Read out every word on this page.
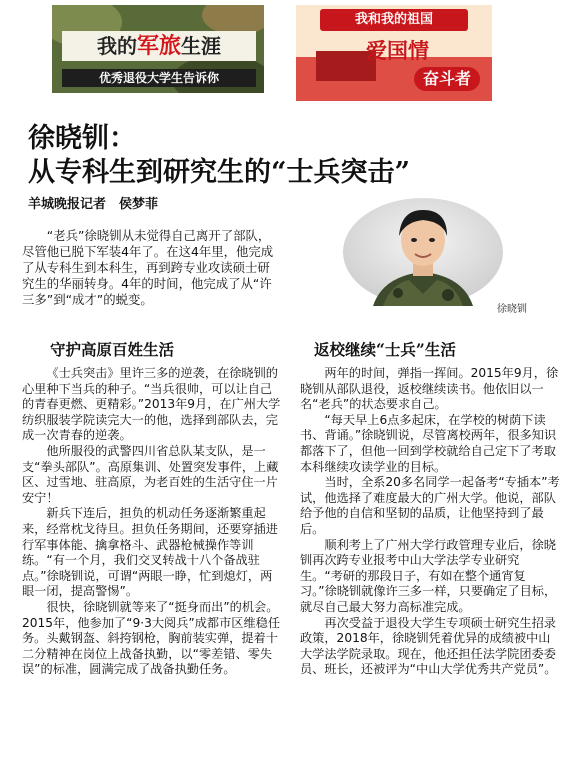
我的军旅生涯
优秀退役大学生告诉你
我和我的祖国
爱国情
奋斗者
徐晓钏：
从专科生到研究生的“士兵突击”
羊城晚报记者　侯梦菲

“老兵”徐晓钏从未觉得自己离开了部队，尽管他已脱下军装4年了。在这4年里，他完成了从专科生到本科生，再到跨专业攻读硕士研究生的华丽转身。4年的时间，他完成了从“许三多”到“成才”的蜕变。

徐晓钏
守护高原百姓生活	返校继续“士兵”生活

《士兵突击》里许三多的逆袭，在徐晓钏的心里种下当兵的种子。“当兵很帅，可以让自己的青春更燃、更精彩。”2013年9月，在广州大学纺织服装学院读完大一的他，选择到部队去，完成一次青春的逆袭。

他所服役的武警四川省总队某支队，是一支“拳头部队”。高原集训、处置突发事件，上藏区、过雪地、驻高原，为老百姓的生活守住一片安宁！

新兵下连后，担负的机动任务逐渐繁重起来，经常枕戈待旦。担负任务期间，还要穿插进行军事体能、擒拿格斗、武器枪械操作等训练。“有一个月，我们交叉转战十八个备战驻点。”徐晓钏说，可谓“两眼一睁，忙到熄灯，两眼一闭，提高警惕”。

很快，徐晓钏就等来了“挺身而出”的机会。2015年，他参加了“9·3大阅兵”成都市区维稳任务。头戴钢盔、斜挎钢枪，胸前装实弹，提着十二分精神在岗位上战备执勤，以“零差错、零失误”的标准，圆满完成了战备执勤任务。

两年的时间，弹指一挥间。2015年9月，徐晓钏从部队退役，返校继续读书。他依旧以一名“老兵”的状态要求自己。

“每天早上6点多起床，在学校的树荫下读书、背诵。”徐晓钏说，尽管离校两年，很多知识都落下了，但他一回到学校就给自己定下了考取本科继续攻读学业的目标。

当时，全系20多名同学一起备考“专插本”考试，他选择了难度最大的广州大学。他说，部队给予他的自信和坚韧的品质，让他坚持到了最后。

顺利考上了广州大学行政管理专业后，徐晓钏再次跨专业报考中山大学法学专业研究生。“考研的那段日子，有如在整个通宵复习。”徐晓钏就像许三多一样，只要确定了目标，就尽自己最大努力高标准完成。

再次受益于退役大学生专项硕士研究生招录政策，2018年，徐晓钏凭着优异的成绩被中山大学法学院录取。现在，他还担任法学院团委委员、班长，还被评为“中山大学优秀共产党员”。
